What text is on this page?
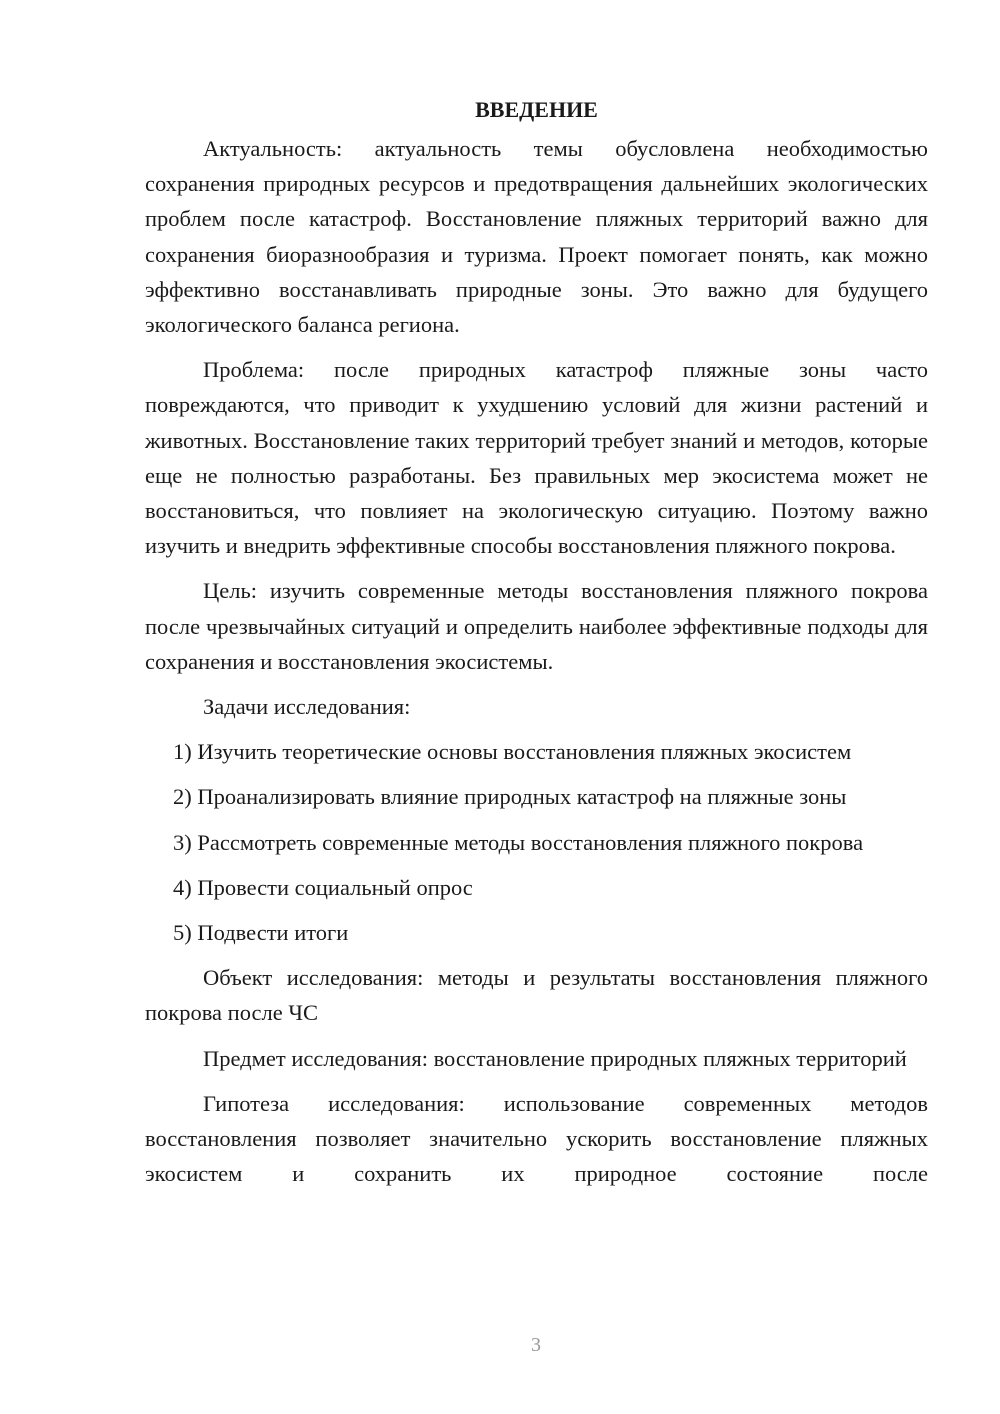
ВВЕДЕНИЕ

Актуальность: актуальность темы обусловлена необходимостью сохранения природных ресурсов и предотвращения дальнейших экологических проблем после катастроф. Восстановление пляжных территорий важно для сохранения биоразнообразия и туризма. Проект помогает понять, как можно эффективно восстанавливать природные зоны. Это важно для будущего экологического баланса региона.

Проблема: после природных катастроф пляжные зоны часто повреждаются, что приводит к ухудшению условий для жизни растений и животных. Восстановление таких территорий требует знаний и методов, которые еще не полностью разработаны. Без правильных мер экосистема может не восстановиться, что повлияет на экологическую ситуацию. Поэтому важно изучить и внедрить эффективные способы восстановления пляжного покрова.

Цель: изучить современные методы восстановления пляжного покрова после чрезвычайных ситуаций и определить наиболее эффективные подходы для сохранения и восстановления экосистемы.

Задачи исследования:

1) Изучить теоретические основы восстановления пляжных экосистем

2) Проанализировать влияние природных катастроф на пляжные зоны

3) Рассмотреть современные методы восстановления пляжного покрова

4) Провести социальный опрос

5) Подвести итоги

Объект исследования: методы и результаты восстановления пляжного покрова после ЧС

Предмет исследования: восстановление природных пляжных территорий

Гипотеза исследования: использование современных методов восстановления позволяет значительно ускорить восстановление пляжных экосистем и сохранить их природное состояние после

3
